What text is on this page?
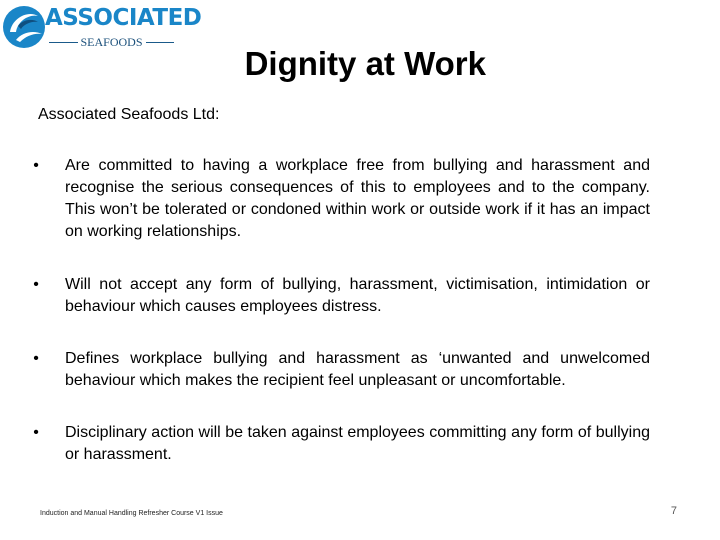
ASSOCIATED
SEAFOODS
Dignity at Work
Associated Seafoods Ltd:
• Are committed to having a workplace free from bullying and harassment and recognise the serious consequences of this to employees and to the company. This won’t be tolerated or condoned within work or outside work if it has an impact on working relationships.
• Will not accept any form of bullying, harassment, victimisation, intimidation or behaviour which causes employees distress.
• Defines workplace bullying and harassment as ‘unwanted and unwelcomed behaviour which makes the recipient feel unpleasant or uncomfortable.
• Disciplinary action will be taken against employees committing any form of bullying or harassment.
Induction and Manual Handling Refresher Course V1 Issue	7
